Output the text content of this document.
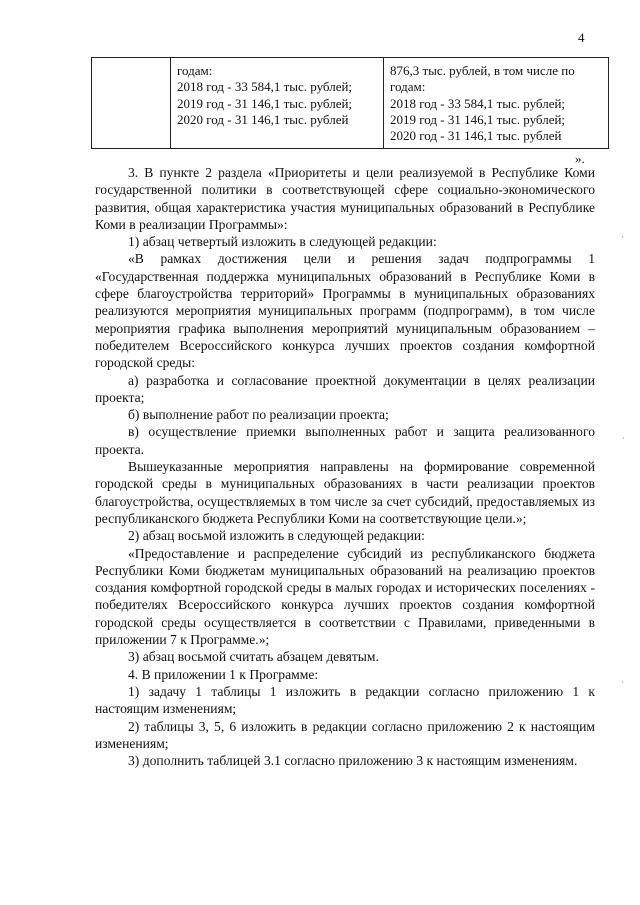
4
годам:
2018 год - 33 584,1 тыс. рублей;
2019 год - 31 146,1 тыс. рублей;
2020 год - 31 146,1 тыс. рублей
876,3 тыс. рублей, в том числе по
годам:
2018 год - 33 584,1 тыс. рублей;
2019 год - 31 146,1 тыс. рублей;
2020 год - 31 146,1 тыс. рублей
».

3. В пункте 2 раздела «Приоритеты и цели реализуемой в Республике Коми государственной политики в соответствующей сфере социально-экономического развития, общая характеристика участия муниципальных образований в Республике Коми в реализации Программы»:

1) абзац четвертый изложить в следующей редакции:

«В рамках достижения цели и решения задач подпрограммы 1 «Государственная поддержка муниципальных образований в Республике Коми в сфере благоустройства территорий» Программы в муниципальных образованиях реализуются мероприятия муниципальных программ (подпрограмм), в том числе мероприятия графика выполнения мероприятий муниципальным образованием – победителем Всероссийского конкурса лучших проектов создания комфортной городской среды:

а) разработка и согласование проектной документации в целях реализации проекта;

б) выполнение работ по реализации проекта;

в) осуществление приемки выполненных работ и защита реализованного проекта.

Вышеуказанные мероприятия направлены на формирование современной городской среды в муниципальных образованиях в части реализации проектов благоустройства, осуществляемых в том числе за счет субсидий, предоставляемых из республиканского бюджета Республики Коми на соответствующие цели.»;

2) абзац восьмой изложить в следующей редакции:

«Предоставление и распределение субсидий из республиканского бюджета Республики Коми бюджетам муниципальных образований на реализацию проектов создания комфортной городской среды в малых городах и исторических поселениях - победителях Всероссийского конкурса лучших проектов создания комфортной городской среды осуществляется в соответствии с Правилами, приведенными в приложении 7 к Программе.»;

3) абзац восьмой считать абзацем девятым.

4. В приложении 1 к Программе:

1) задачу 1 таблицы 1 изложить в редакции согласно приложению 1 к настоящим изменениям;

2) таблицы 3, 5, 6 изложить в редакции согласно приложению 2 к настоящим изменениям;

3) дополнить таблицей 3.1 согласно приложению 3 к настоящим изменениям.

·
·
·
